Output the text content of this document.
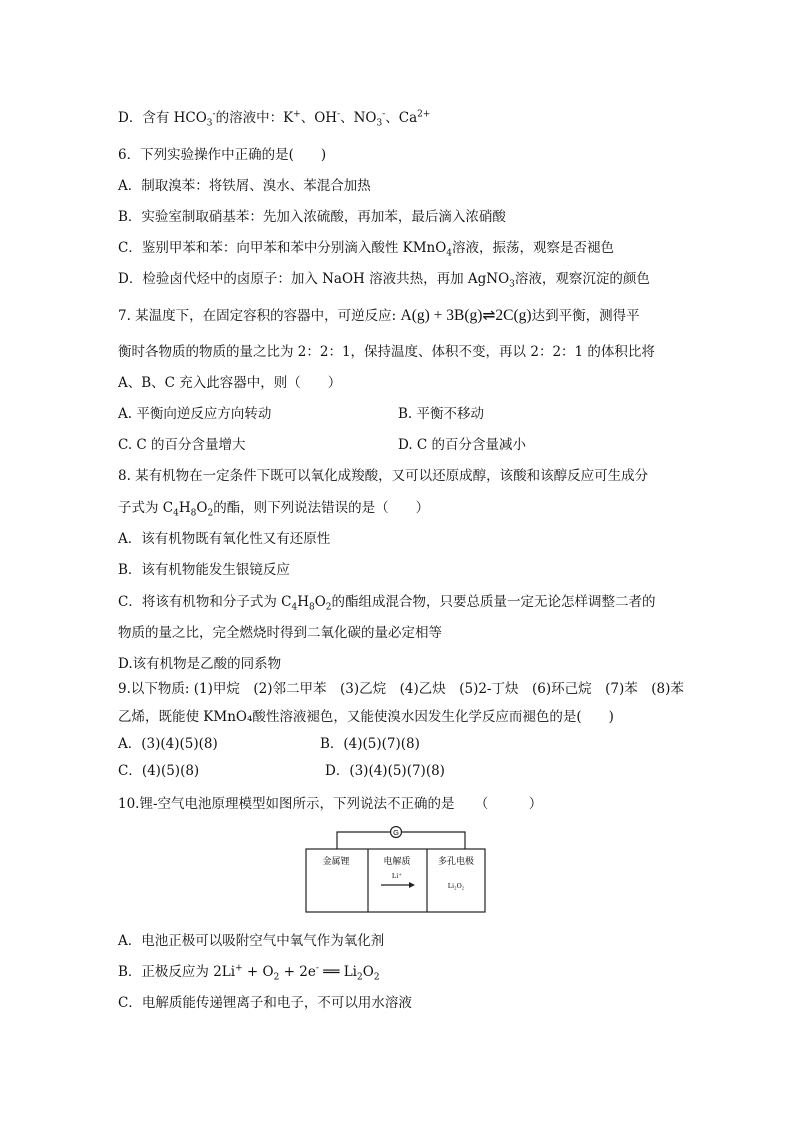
D．含有 $HCO_3^-$的溶液中：K+、OH-、$NO_3^-$、$Ca^{2+}$
6．下列实验操作中正确的是(　　)
A．制取溴苯：将铁屑、溴水、苯混合加热
B．实验室制取硝基苯：先加入浓硫酸，再加苯，最后滴入浓硝酸
C．鉴别甲苯和苯：向甲苯和苯中分别滴入酸性 KMnO$_4$溶液，振荡，观察是否褪色
D．检验卤代烃中的卤原子：加入 NaOH 溶液共热，再加 AgNO$_3$溶液，观察沉淀的颜色
7. 某温度下，在固定容积的容器中，可逆反应: A(g) + 3B(g)⇌2C(g)达到平衡，测得平
衡时各物质的物质的量之比为 2：2：1，保持温度、体积不变，再以 2：2：1 的体积比将
A、B、C 充入此容器中，则（　　）
A. 平衡向逆反应方向转动	B. 平衡不移动
C. C 的百分含量增大	D. C 的百分含量减小
8. 某有机物在一定条件下既可以氧化成羧酸，又可以还原成醇，该酸和该醇反应可生成分
子式为 $C_4H_8O_2$的酯，则下列说法错误的是（　　）
A．该有机物既有氧化性又有还原性
B．该有机物能发生银镜反应
C．将该有机物和分子式为 $C_4H_8O_2$的酯组成混合物，只要总质量一定无论怎样调整二者的
物质的量之比，完全燃烧时得到二氧化碳的量必定相等
D.该有机物是乙酸的同系物
9.以下物质: (1)甲烷　(2)邻二甲苯　(3)乙烷　(4)乙炔　(5)2-丁炔　(6)环己烷　(7)苯　(8)苯
乙烯，既能使 KMnO₄酸性溶液褪色，又能使溴水因发生化学反应而褪色的是(　　)
A．(3)(4)(5)(8)	B．(4)(5)(7)(8)
C．(4)(5)(8)	D．(3)(4)(5)(7)(8)
10.锂-空气电池原理模型如图所示，下列说法不正确的是　　（　　　）
G
金属锂	电解质	多孔电极
Li⁺
Li₂O₂
A．电池正极可以吸附空气中氧气作为氧化剂
B．正极反应为 $2Li^+ + O_2 + 2e^-$ ══ $Li_2O_2$
C．电解质能传递锂离子和电子，不可以用水溶液
